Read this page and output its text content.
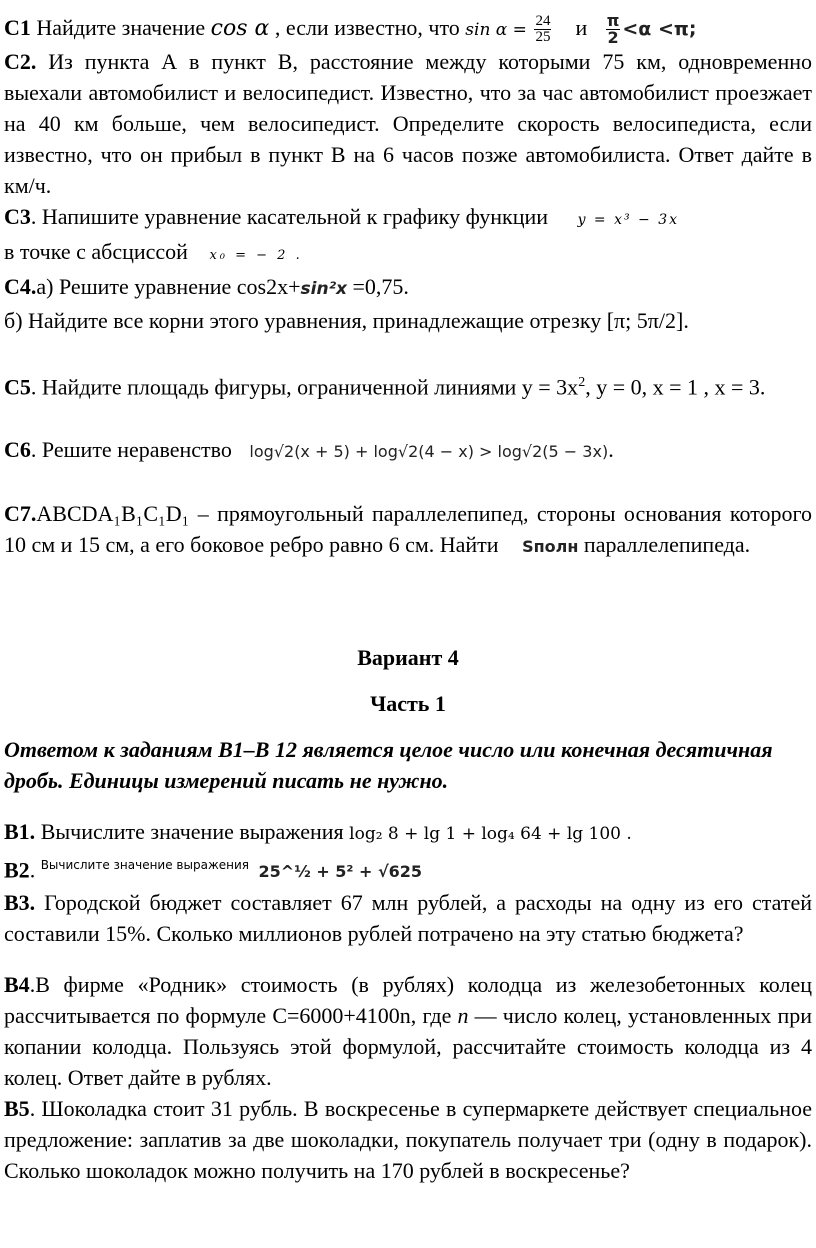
C1 Найдите значение cos α , если известно, что $\sin \alpha = \frac{24}{25}$ и $\frac{\pi}{2} <\alpha <\pi$;

C2. Из пункта А в пункт В, расстояние между которыми 75 км, одновременно выехали автомобилист и велосипедист. Известно, что за час автомобилист проезжает на 40 км больше, чем велосипедист. Определите скорость велосипедиста, если известно, что он прибыл в пункт В на 6 часов позже автомобилиста. Ответ дайте в км/ч.

C3. Напишите уравнение касательной к графику функции y = x³ − 3x

в точке с абсциссой x₀ = − 2 .

C4.а) Решите уравнение cos2x+sin²x =0,75.

б) Найдите все корни этого уравнения, принадлежащие отрезку [π; 5π/2].

C5. Найдите площадь фигуры, ограниченной линиями $y = 3x^2$, y = 0, x = 1 , x = 3.

C6. Решите неравенство log√2(x + 5) + log√2(4 − x) > log√2(5 − 3x).

C7.ABCDA₁B₁C₁D₁ – прямоугольный параллелепипед, стороны основания которого 10 см и 15 см, а его боковое ребро равно 6 см. Найти Sполн параллелепипеда.

Вариант 4

Часть 1

Ответом к заданиям В1–В 12 является целое число или конечная десятичная дробь. Единицы измерений писать не нужно.

B1. Вычислите значение выражения log₂ 8 + lg 1 + log₄ 64 + lg 100 .

B2. $^{Вычислите значение выражения}$ 25^½ + 5² + √625

B3. Городской бюджет составляет 67 млн рублей, а расходы на одну из его статей составили 15%. Сколько миллионов рублей потрачено на эту статью бюджета?

B4.В фирме «Родник» стоимость (в рублях) колодца из железобетонных колец рассчитывается по формуле C=6000+4100n, где n — число колец, установленных при копании колодца. Пользуясь этой формулой, рассчитайте стоимость колодца из 4 колец. Ответ дайте в рублях.

B5. Шоколадка стоит 31 рубль. В воскресенье в супермаркете действует специальное предложение: заплатив за две шоколадки, покупатель получает три (одну в подарок). Сколько шоколадок можно получить на 170 рублей в воскресенье?
